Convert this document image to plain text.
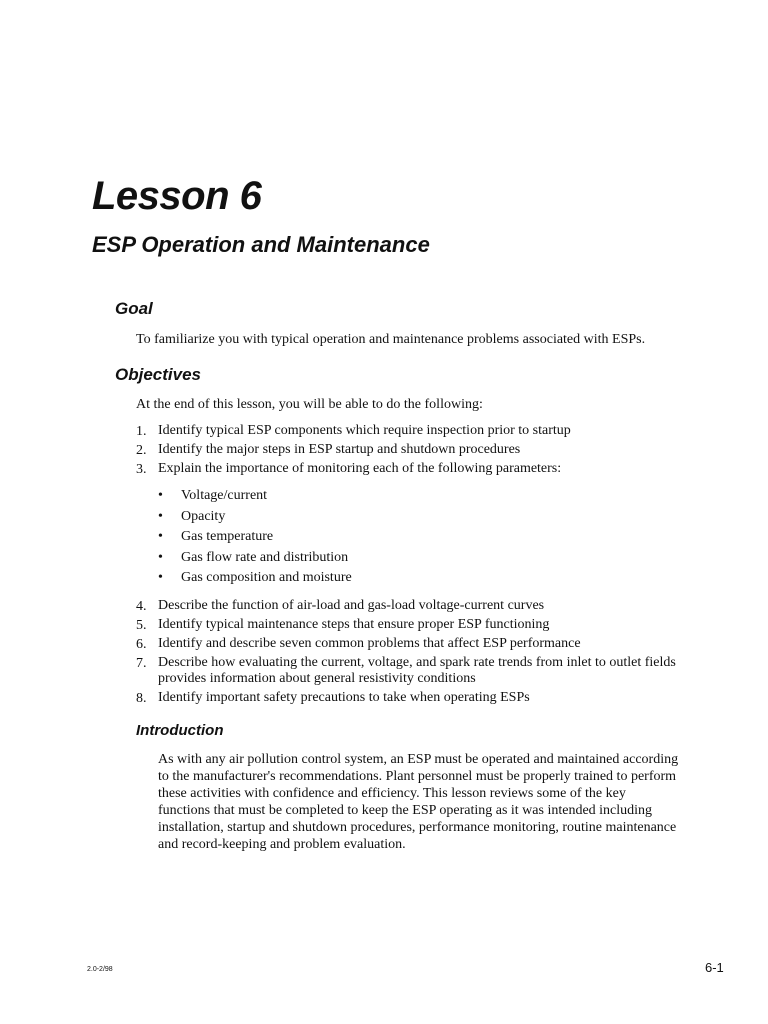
Lesson 6
ESP Operation and Maintenance
Goal

To familiarize you with typical operation and maintenance problems associated with ESPs.

Objectives

At the end of this lesson, you will be able to do the following:

1. Identify typical ESP components which require inspection prior to startup
2. Identify the major steps in ESP startup and shutdown procedures
3. Explain the importance of monitoring each of the following parameters:
• Voltage/current
• Opacity
• Gas temperature
• Gas flow rate and distribution
• Gas composition and moisture
4. Describe the function of air-load and gas-load voltage-current curves
5. Identify typical maintenance steps that ensure proper ESP functioning
6. Identify and describe seven common problems that affect ESP performance
7. Describe how evaluating the current, voltage, and spark rate trends from inlet to outlet fields provides information about general resistivity conditions
8. Identify important safety precautions to take when operating ESPs
Introduction

As with any air pollution control system, an ESP must be operated and maintained according to the manufacturer's recommendations. Plant personnel must be properly trained to perform these activities with confidence and efficiency. This lesson reviews some of the key functions that must be completed to keep the ESP operating as it was intended including installation, startup and shutdown procedures, performance monitoring, routine maintenance and record-keeping and problem evaluation.

2.0-2/98	6-1
